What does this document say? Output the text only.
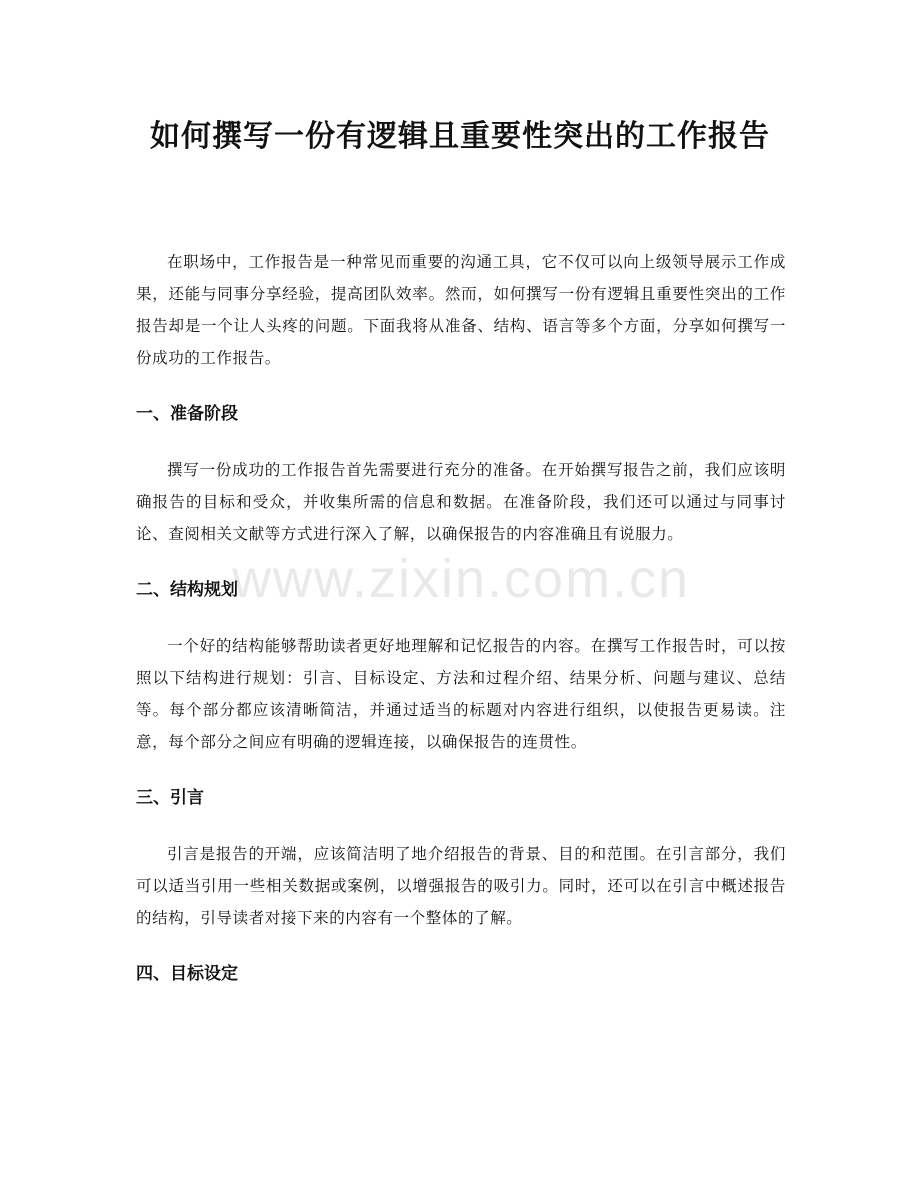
如何撰写一份有逻辑且重要性突出的工作报告

在职场中，工作报告是一种常见而重要的沟通工具，它不仅可以向上级领导展示工作成果，还能与同事分享经验，提高团队效率。然而，如何撰写一份有逻辑且重要性突出的工作报告却是一个让人头疼的问题。下面我将从准备、结构、语言等多个方面，分享如何撰写一份成功的工作报告。

一、准备阶段

撰写一份成功的工作报告首先需要进行充分的准备。在开始撰写报告之前，我们应该明确报告的目标和受众，并收集所需的信息和数据。在准备阶段，我们还可以通过与同事讨论、查阅相关文献等方式进行深入了解，以确保报告的内容准确且有说服力。

二、结构规划

一个好的结构能够帮助读者更好地理解和记忆报告的内容。在撰写工作报告时，可以按照以下结构进行规划：引言、目标设定、方法和过程介绍、结果分析、问题与建议、总结等。每个部分都应该清晰简洁，并通过适当的标题对内容进行组织，以使报告更易读。注意，每个部分之间应有明确的逻辑连接，以确保报告的连贯性。

三、引言

引言是报告的开端，应该简洁明了地介绍报告的背景、目的和范围。在引言部分，我们可以适当引用一些相关数据或案例，以增强报告的吸引力。同时，还可以在引言中概述报告的结构，引导读者对接下来的内容有一个整体的了解。

四、目标设定
www.zixin.com.cn
